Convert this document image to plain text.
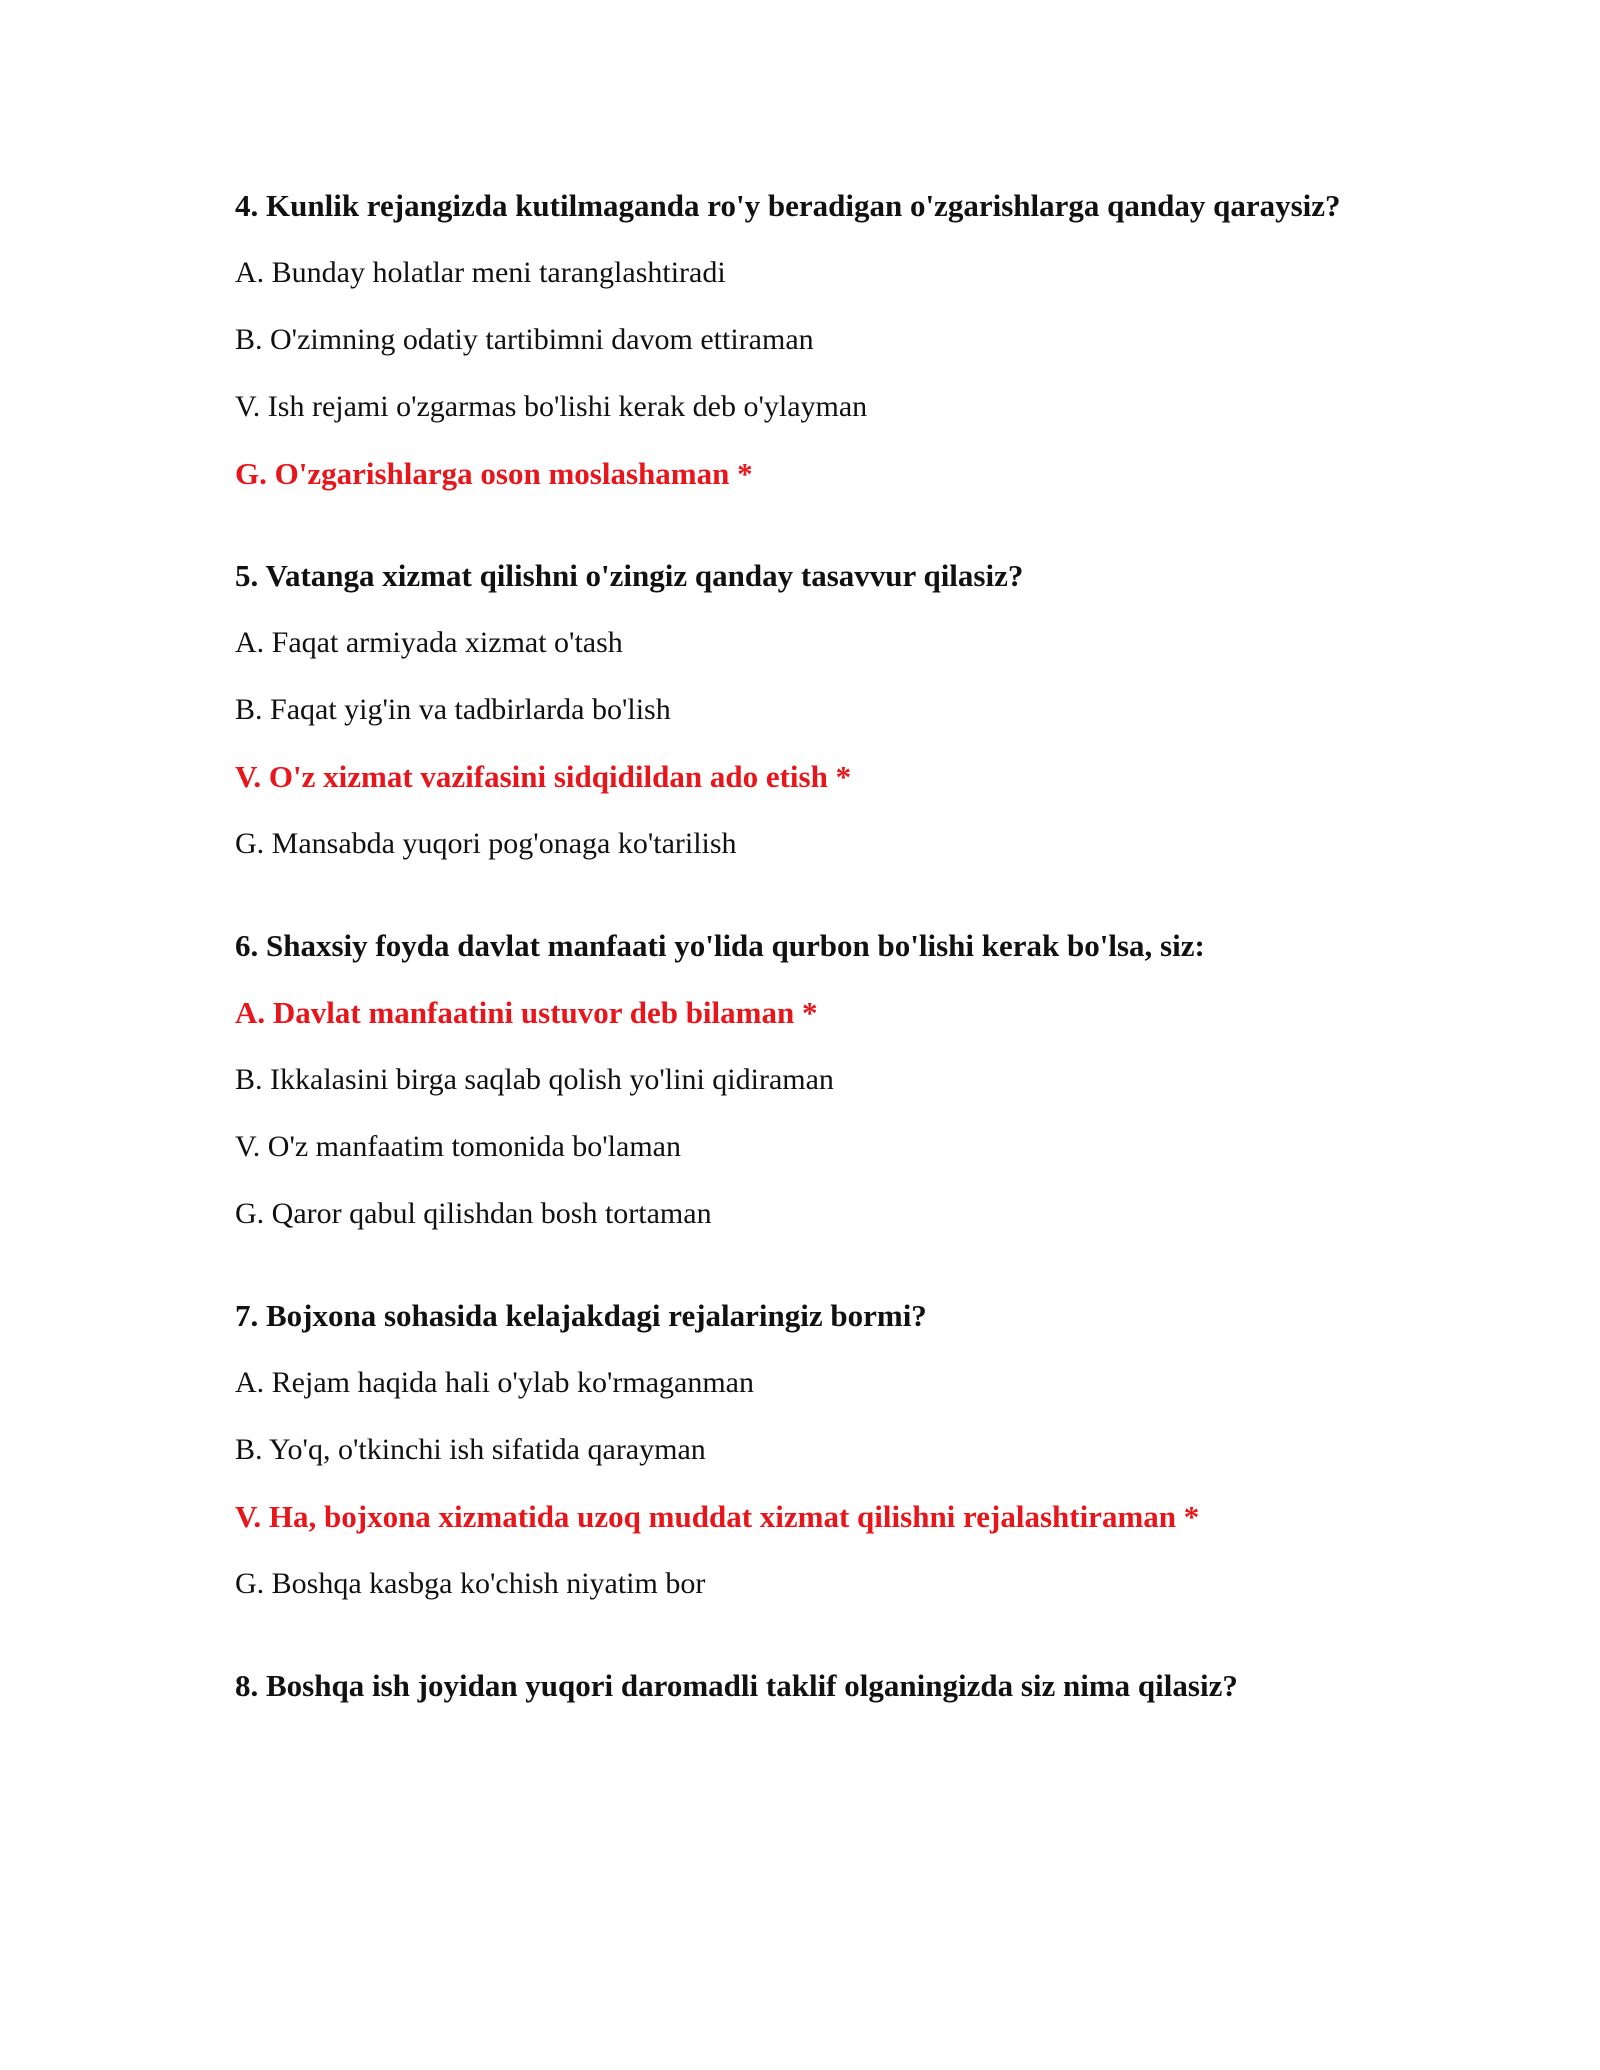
4. Kunlik rejangizda kutilmaganda ro'y beradigan o'zgarishlarga qanday qaraysiz?
A. Bunday holatlar meni taranglashtiradi
B. O'zimning odatiy tartibimni davom ettiraman
V. Ish rejami o'zgarmas bo'lishi kerak deb o'ylayman
G. O'zgarishlarga oson moslashaman *
5. Vatanga xizmat qilishni o'zingiz qanday tasavvur qilasiz?
A. Faqat armiyada xizmat o'tash
B. Faqat yig'in va tadbirlarda bo'lish
V. O'z xizmat vazifasini sidqidildan ado etish *
G. Mansabda yuqori pog'onaga ko'tarilish
6. Shaxsiy foyda davlat manfaati yo'lida qurbon bo'lishi kerak bo'lsa, siz:
A. Davlat manfaatini ustuvor deb bilaman *
B. Ikkalasini birga saqlab qolish yo'lini qidiraman
V. O'z manfaatim tomonida bo'laman
G. Qaror qabul qilishdan bosh tortaman
7. Bojxona sohasida kelajakdagi rejalaringiz bormi?
A. Rejam haqida hali o'ylab ko'rmaganman
B. Yo'q, o'tkinchi ish sifatida qarayman
V. Ha, bojxona xizmatida uzoq muddat xizmat qilishni rejalashtiraman *
G. Boshqa kasbga ko'chish niyatim bor
8. Boshqa ish joyidan yuqori daromadli taklif olganingizda siz nima qilasiz?
